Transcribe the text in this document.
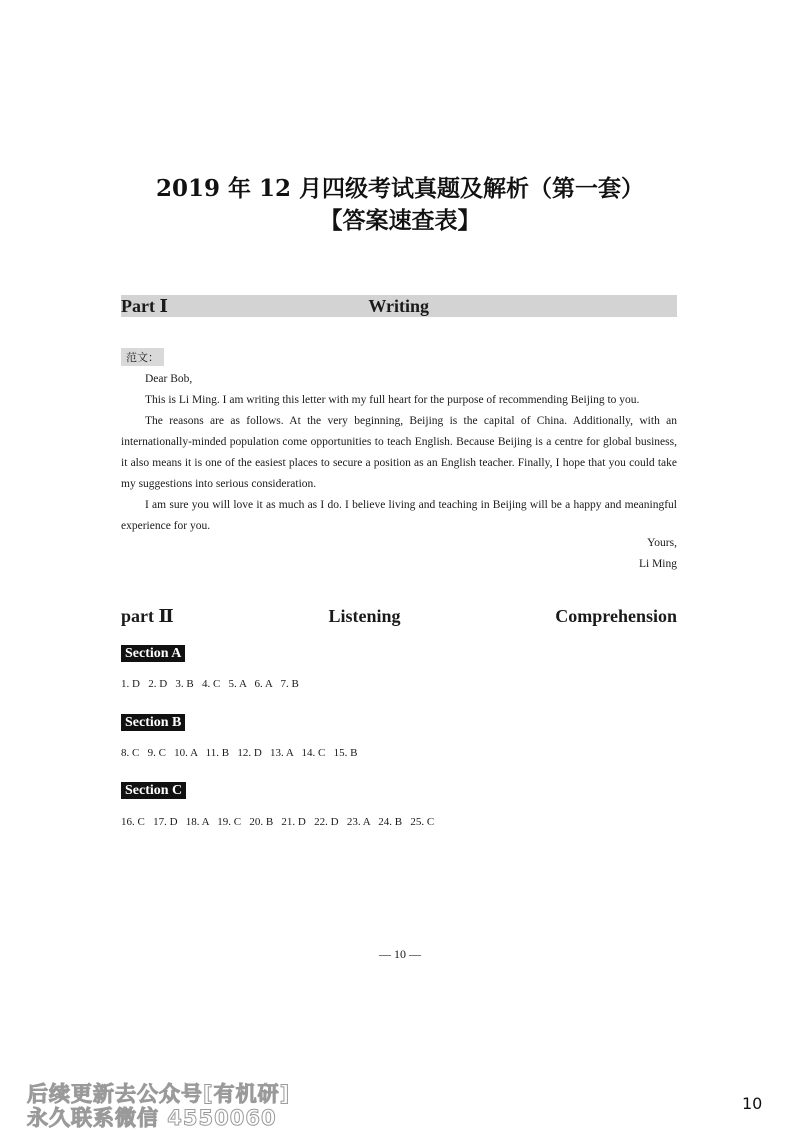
2019 年 12 月四级考试真题及解析（第一套）
【答案速查表】
Part Ⅰ	Writing
范文：
Dear Bob,
This is Li Ming. I am writing this letter with my full heart for the purpose of recommending Beijing to you.
The reasons are as follows. At the very beginning, Beijing is the capital of China. Additionally, with an internationally-minded population come opportunities to teach English. Because Beijing is a centre for global business, it also means it is one of the easiest places to secure a position as an English teacher. Finally, I hope that you could take my suggestions into serious consideration.
I am sure you will love it as much as I do. I believe living and teaching in Beijing will be a happy and meaningful experience for you.
Yours,
Li Ming
part Ⅱ	Listening	Comprehension
Section A
1. D   2. D   3. B   4. C   5. A   6. A   7. B
Section B
8. C   9. C   10. A   11. B   12. D   13. A   14. C   15. B
Section C
16. C   17. D   18. A   19. C   20. B   21. D   22. D   23. A   24. B   25. C
— 10 —
后续更新去公众号[有机研]
永久联系微信 4550060
10
